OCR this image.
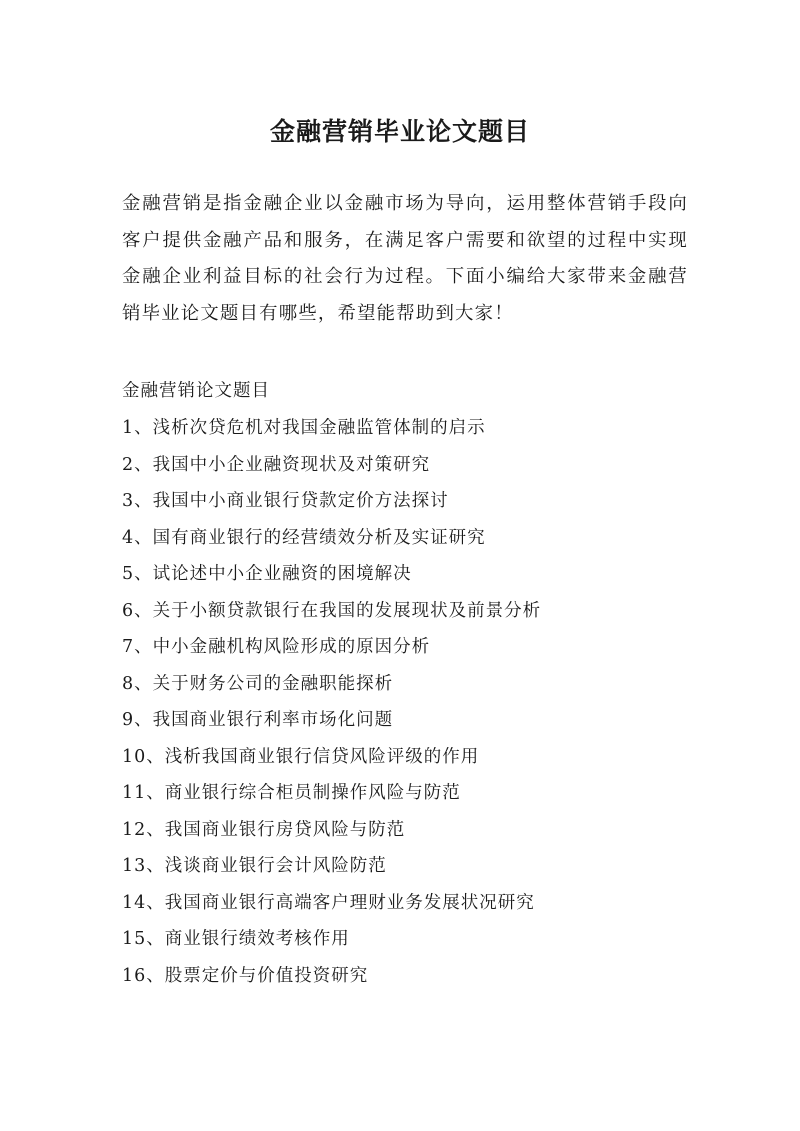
金融营销毕业论文题目

金融营销是指金融企业以金融市场为导向，运用整体营销手段向客户提供金融产品和服务，在满足客户需要和欲望的过程中实现金融企业利益目标的社会行为过程。下面小编给大家带来金融营销毕业论文题目有哪些，希望能帮助到大家！

金融营销论文题目

1、浅析次贷危机对我国金融监管体制的启示
2、我国中小企业融资现状及对策研究
3、我国中小商业银行贷款定价方法探讨
4、国有商业银行的经营绩效分析及实证研究
5、试论述中小企业融资的困境解决
6、关于小额贷款银行在我国的发展现状及前景分析
7、中小金融机构风险形成的原因分析
8、关于财务公司的金融职能探析
9、我国商业银行利率市场化问题
10、浅析我国商业银行信贷风险评级的作用
11、商业银行综合柜员制操作风险与防范
12、我国商业银行房贷风险与防范
13、浅谈商业银行会计风险防范
14、我国商业银行高端客户理财业务发展状况研究
15、商业银行绩效考核作用
16、股票定价与价值投资研究
